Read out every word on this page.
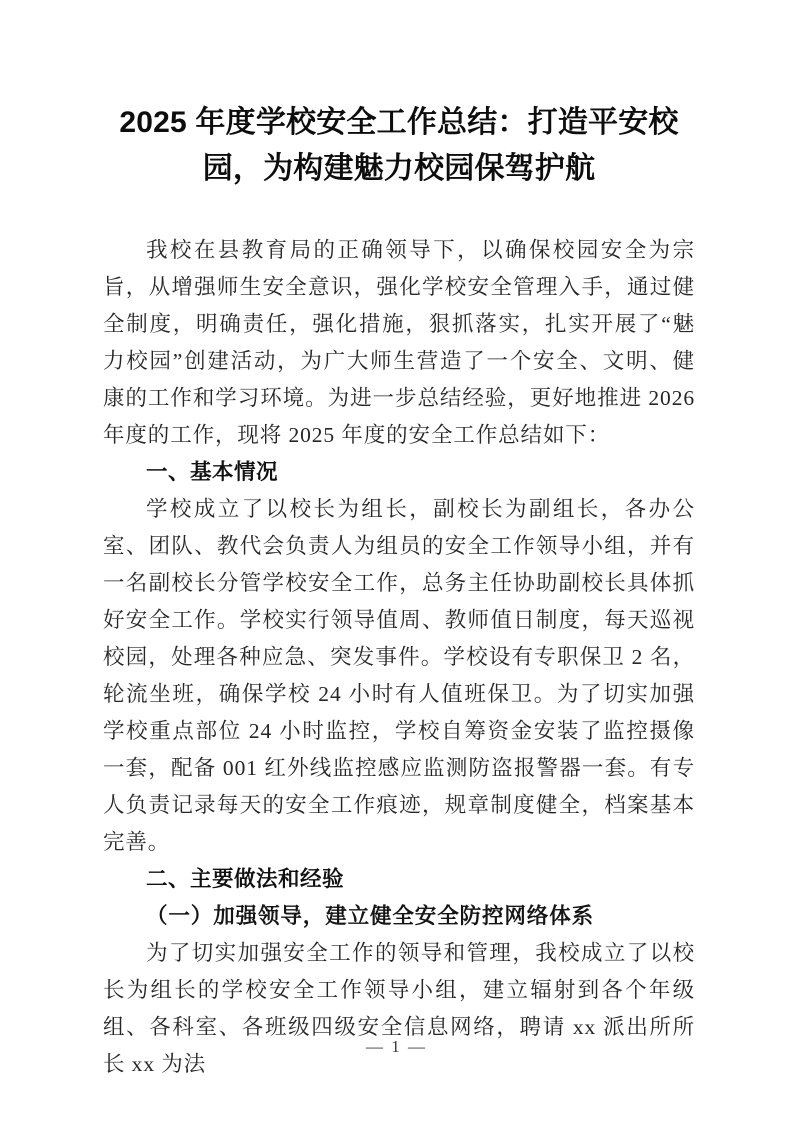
2025 年度学校安全工作总结：打造平安校园，为构建魅力校园保驾护航

我校在县教育局的正确领导下，以确保校园安全为宗旨，从增强师生安全意识，强化学校安全管理入手，通过健全制度，明确责任，强化措施，狠抓落实，扎实开展了“魅力校园”创建活动，为广大师生营造了一个安全、文明、健康的工作和学习环境。为进一步总结经验，更好地推进 2026 年度的工作，现将 2025 年度的安全工作总结如下：

一、基本情况

学校成立了以校长为组长，副校长为副组长，各办公室、团队、教代会负责人为组员的安全工作领导小组，并有一名副校长分管学校安全工作，总务主任协助副校长具体抓好安全工作。学校实行领导值周、教师值日制度，每天巡视校园，处理各种应急、突发事件。学校设有专职保卫 2 名，轮流坐班，确保学校 24 小时有人值班保卫。为了切实加强学校重点部位 24 小时监控，学校自筹资金安装了监控摄像一套，配备 001 红外线监控感应监测防盗报警器一套。有专人负责记录每天的安全工作痕迹，规章制度健全，档案基本完善。

二、主要做法和经验
（一）加强领导，建立健全安全防控网络体系

为了切实加强安全工作的领导和管理，我校成立了以校长为组长的学校安全工作领导小组，建立辐射到各个年级组、各科室、各班级四级安全信息网络，聘请 xx 派出所所长 xx 为法

— 1 —
